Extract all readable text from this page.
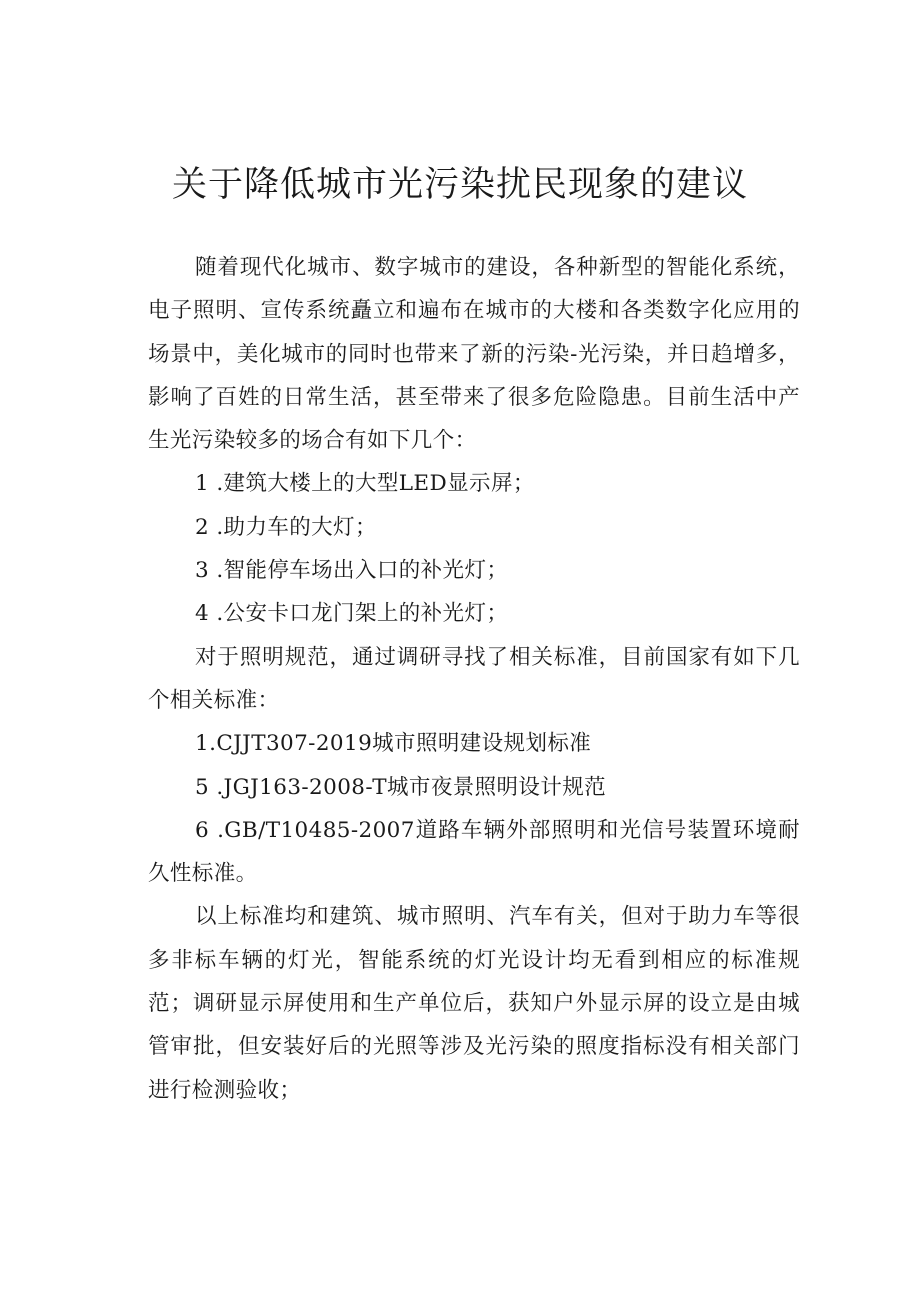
关于降低城市光污染扰民现象的建议

随着现代化城市、数字城市的建设，各种新型的智能化系统，电子照明、宣传系统矗立和遍布在城市的大楼和各类数字化应用的场景中，美化城市的同时也带来了新的污染-光污染，并日趋增多，影响了百姓的日常生活，甚至带来了很多危险隐患。目前生活中产生光污染较多的场合有如下几个：

1 .建筑大楼上的大型LED显示屏；

2 .助力车的大灯；

3 .智能停车场出入口的补光灯；

4 .公安卡口龙门架上的补光灯；

对于照明规范，通过调研寻找了相关标准，目前国家有如下几个相关标准：

1.CJJT307-2019城市照明建设规划标准

5 .JGJ163-2008-T城市夜景照明设计规范

6 .GB/T10485-2007道路车辆外部照明和光信号装置环境耐久性标准。

以上标准均和建筑、城市照明、汽车有关，但对于助力车等很多非标车辆的灯光，智能系统的灯光设计均无看到相应的标准规范；调研显示屏使用和生产单位后，获知户外显示屏的设立是由城管审批，但安装好后的光照等涉及光污染的照度指标没有相关部门进行检测验收；
